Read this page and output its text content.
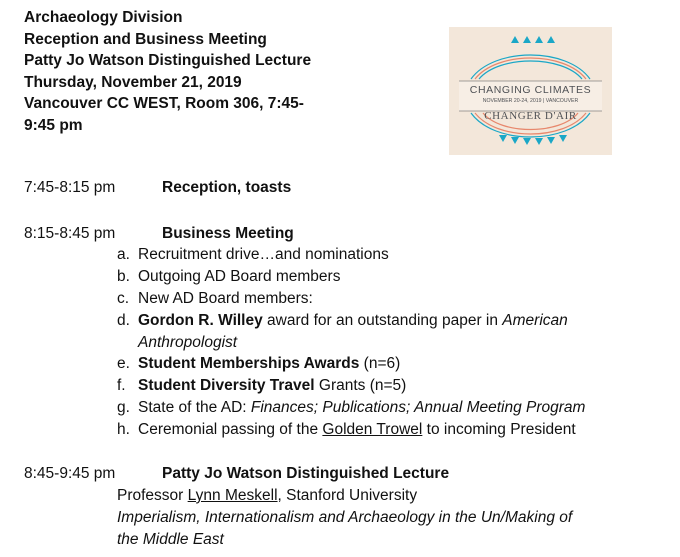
Archaeology Division
Reception and Business Meeting
Patty Jo Watson Distinguished Lecture
Thursday, November 21, 2019
Vancouver CC WEST, Room 306, 7:45-
9:45 pm
CHANGING CLIMATES
NOVEMBER 20-24, 2019 | VANCOUVER
CHANGER D'AIR
7:45-8:15 pm	Reception, toasts
8:15-8:45 pm	Business Meeting
a. Recruitment drive…and nominations
b. Outgoing AD Board members
c. New AD Board members:
d. Gordon R. Willey award for an outstanding paper in American
Anthropologist
e. Student Memberships Awards (n=6)
f. Student Diversity Travel Grants (n=5)
g. State of the AD: Finances; Publications; Annual Meeting Program
h. Ceremonial passing of the Golden Trowel to incoming President
8:45-9:45 pm	Patty Jo Watson Distinguished Lecture
Professor Lynn Meskell, Stanford University
Imperialism, Internationalism and Archaeology in the Un/Making of
the Middle East
